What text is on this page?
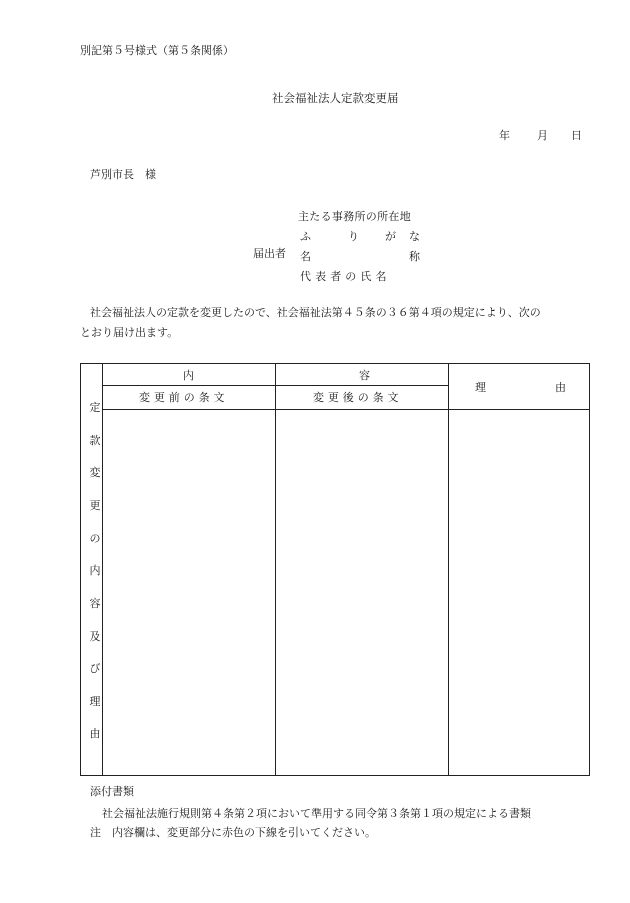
別記第５号様式（第５条関係）
社会福祉法人定款変更届
年 月 日
芦別市長　様
届出者
主たる事務所の所在地
ふ	り が な
名	称
代 表 者 の 氏 名
社会福祉法人の定款を変更したので、社会福祉法第４５条の３６第４項の規定により、次の
とおり届け出ます。
内	容
変 更 前 の 条 文	変 更 後 の 条 文
理	由
定
款
変
更
の
内
容
及
び
理
由
添付書類
社会福祉法施行規則第４条第２項において準用する同令第３条第１項の規定による書類
注　内容欄は、変更部分に赤色の下線を引いてください。
